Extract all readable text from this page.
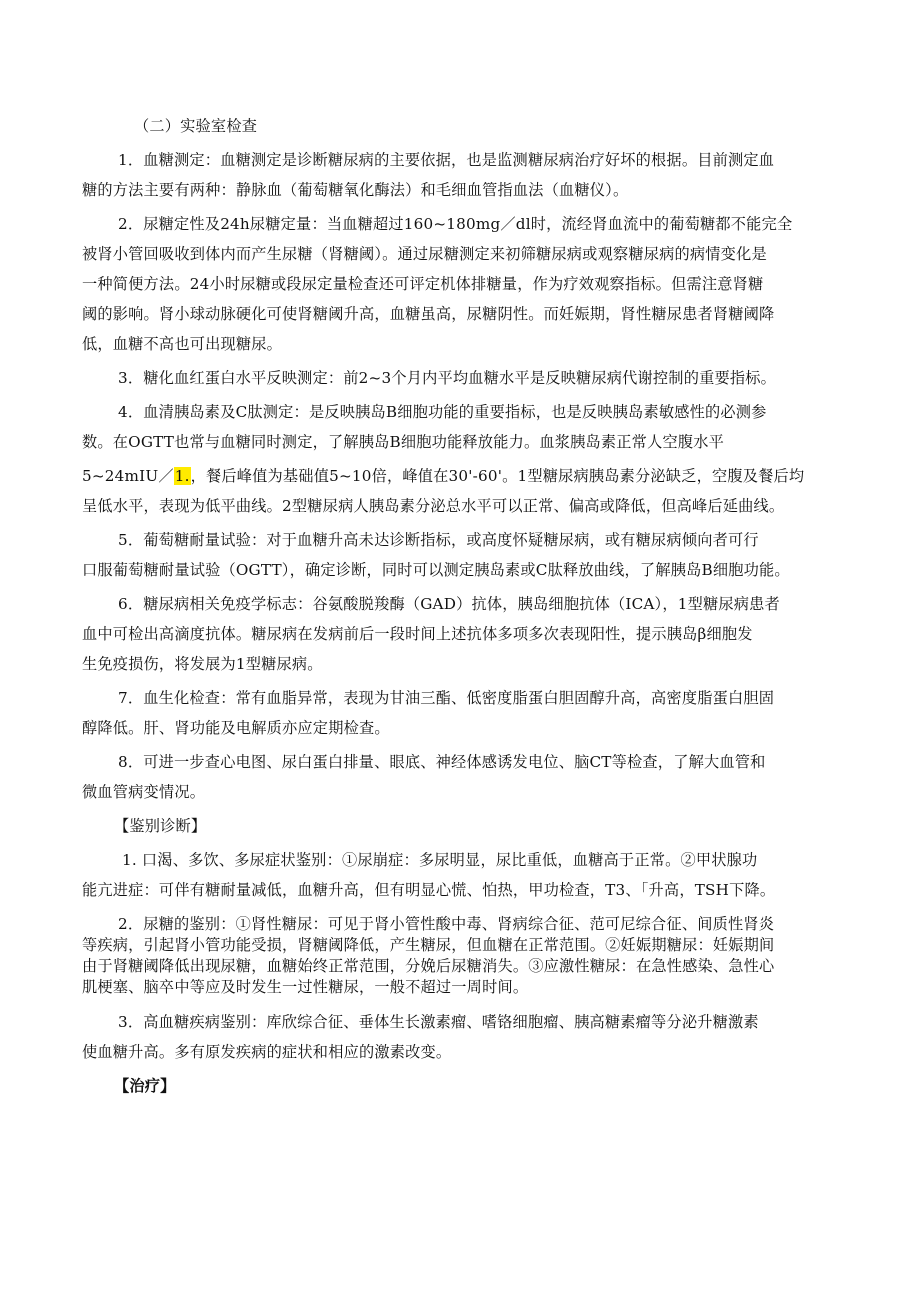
（二）实验室检查
1．血糖测定：血糖测定是诊断糖尿病的主要依据，也是监测糖尿病治疗好坏的根据。目前测定血
糖的方法主要有两种：静脉血（葡萄糖氧化酶法）和毛细血管指血法（血糖仪）。
2．尿糖定性及24h尿糖定量：当血糖超过160~180mg／dl时，流经肾血流中的葡萄糖都不能完全
被肾小管回吸收到体内而产生尿糖（肾糖阈）。通过尿糖测定来初筛糖尿病或观察糖尿病的病情变化是
一种简便方法。24小时尿糖或段尿定量检查还可评定机体排糖量，作为疗效观察指标。但需注意肾糖
阈的影响。肾小球动脉硬化可使肾糖阈升高，血糖虽高，尿糖阴性。而妊娠期，肾性糖尿患者肾糖阈降
低，血糖不高也可出现糖尿。
3．糖化血红蛋白水平反映测定：前2~3个月内平均血糖水平是反映糖尿病代谢控制的重要指标。
4．血清胰岛素及C肽测定：是反映胰岛B细胞功能的重要指标，也是反映胰岛素敏感性的必测参
数。在OGTT也常与血糖同时测定，了解胰岛B细胞功能释放能力。血浆胰岛素正常人空腹水平
5~24mIU／1.，餐后峰值为基础值5~10倍，峰值在30'-60'。1型糖尿病胰岛素分泌缺乏，空腹及餐后均
呈低水平，表现为低平曲线。2型糖尿病人胰岛素分泌总水平可以正常、偏高或降低，但高峰后延曲线。
5．葡萄糖耐量试验：对于血糖升高未达诊断指标，或高度怀疑糖尿病，或有糖尿病倾向者可行
口服葡萄糖耐量试验（OGTT），确定诊断，同时可以测定胰岛素或C肽释放曲线，了解胰岛B细胞功能。
6．糖尿病相关免疫学标志：谷氨酸脱羧酶（GAD）抗体，胰岛细胞抗体（ICA），1型糖尿病患者
血中可检出高滴度抗体。糖尿病在发病前后一段时间上述抗体多项多次表现阳性，提示胰岛β细胞发
生免疫损伤，将发展为1型糖尿病。
7．血生化检查：常有血脂异常，表现为甘油三酯、低密度脂蛋白胆固醇升高，高密度脂蛋白胆固
醇降低。肝、肾功能及电解质亦应定期检查。
8．可进一步查心电图、尿白蛋白排量、眼底、神经体感诱发电位、脑CT等检查，了解大血管和
微血管病变情况。
【鉴别诊断】
1. 口渴、多饮、多尿症状鉴别：①尿崩症：多尿明显，尿比重低，血糖高于正常。②甲状腺功
能亢进症：可伴有糖耐量减低，血糖升高，但有明显心慌、怕热，甲功检查，T3、「升高，TSH下降。
2．尿糖的鉴别：①肾性糖尿：可见于肾小管性酸中毒、肾病综合征、范可尼综合征、间质性肾炎
等疾病，引起肾小管功能受损，肾糖阈降低，产生糖尿，但血糖在正常范围。②妊娠期糖尿：妊娠期间
由于肾糖阈降低出现尿糖，血糖始终正常范围，分娩后尿糖消失。③应激性糖尿：在急性感染、急性心
肌梗塞、脑卒中等应及时发生一过性糖尿，一般不超过一周时间。
3．高血糖疾病鉴别：库欣综合征、垂体生长激素瘤、嗜铬细胞瘤、胰高糖素瘤等分泌升糖激素
使血糖升高。多有原发疾病的症状和相应的激素改变。
【治疗】
